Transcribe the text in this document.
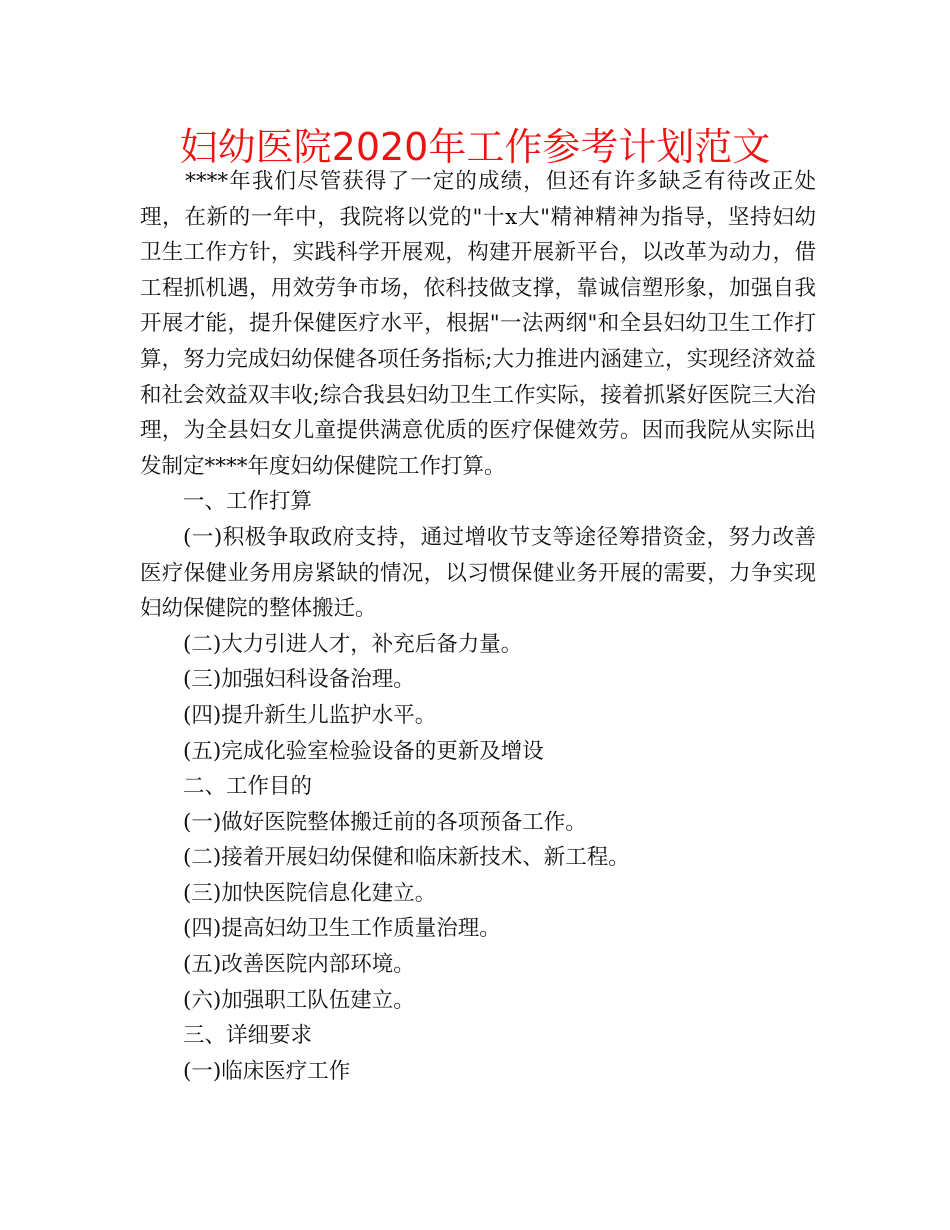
妇幼医院2020年工作参考计划范文

****年我们尽管获得了一定的成绩，但还有许多缺乏有待改正处理，在新的一年中，我院将以党的"十x大"精神精神为指导，坚持妇幼卫生工作方针，实践科学开展观，构建开展新平台，以改革为动力，借工程抓机遇，用效劳争市场，依科技做支撑，靠诚信塑形象，加强自我开展才能，提升保健医疗水平，根据"一法两纲"和全县妇幼卫生工作打算，努力完成妇幼保健各项任务指标;大力推进内涵建立，实现经济效益和社会效益双丰收;综合我县妇幼卫生工作实际，接着抓紧好医院三大治理，为全县妇女儿童提供满意优质的医疗保健效劳。因而我院从实际出发制定****年度妇幼保健院工作打算。

一、工作打算

(一)积极争取政府支持，通过增收节支等途径筹措资金，努力改善医疗保健业务用房紧缺的情况，以习惯保健业务开展的需要，力争实现妇幼保健院的整体搬迁。

(二)大力引进人才，补充后备力量。

(三)加强妇科设备治理。

(四)提升新生儿监护水平。

(五)完成化验室检验设备的更新及增设

二、工作目的

(一)做好医院整体搬迁前的各项预备工作。

(二)接着开展妇幼保健和临床新技术、新工程。

(三)加快医院信息化建立。

(四)提高妇幼卫生工作质量治理。

(五)改善医院内部环境。

(六)加强职工队伍建立。

三、详细要求

(一)临床医疗工作
